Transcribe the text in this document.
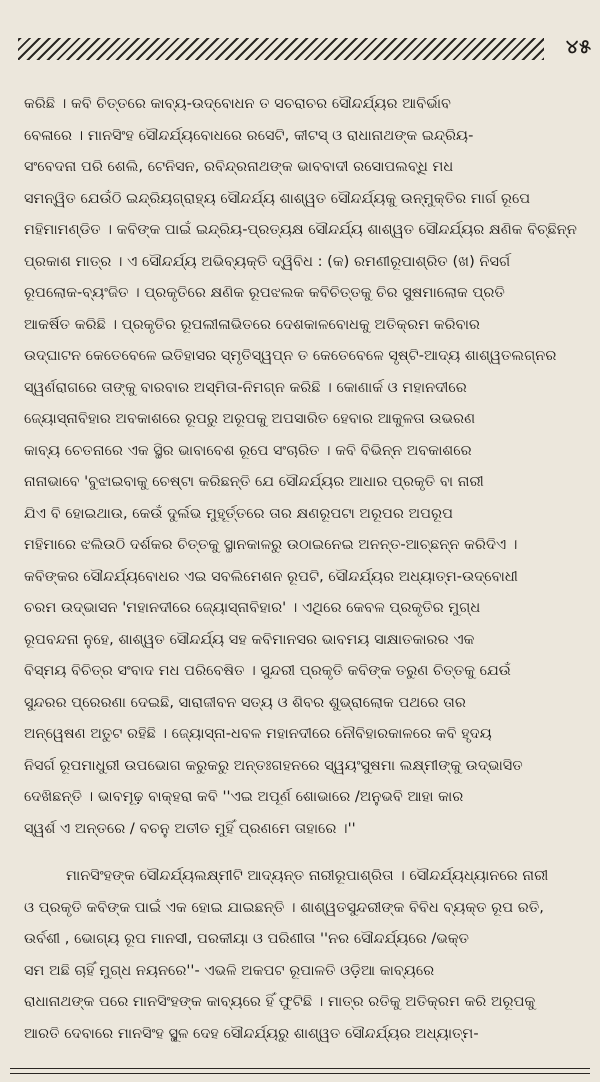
୪୫
କରିଛି । କବି ଚିତ୍ତରେ କାବ୍ୟ-ଉଦ୍‌ବୋଧନ ତ ସଚରାଚର ସୌନ୍ଦର୍ଯ୍ୟର ଆବିର୍ଭାବ
ବେଳାରେ । ମାନସିଂହ ସୌନ୍ଦର୍ଯ୍ୟବୋଧରେ ରସେଟି, କୀଟସ୍ ଓ ରାଧାନାଥଙ୍କ ଇନ୍ଦ୍ରିୟ-
ସଂବେଦନା ପରି ଶେଲି, ଟେନିସନ, ରବିନ୍ଦ୍ରନାଥଙ୍କ ଭାବବାଦୀ ରସୋପଲବ୍‌ଧି ମଧ
ସମନ୍ୱିତ ଯେଉଁଠି ଇନ୍ଦ୍ରିୟଗ୍ରାହ୍ୟ ସୌନ୍ଦର୍ଯ୍ୟ ଶାଶ୍ୱତ ସୌନ୍ଦର୍ଯ୍ୟକୁ ଉନ୍ମୁକ୍ତିର ମାର୍ଗ ରୂପେ
ମହିମାମଣ୍ଡିତ । କବିଙ୍କ ପାଇଁ ଇନ୍ଦ୍ରିୟ-ପ୍ରତ୍ୟକ୍ଷ ସୌନ୍ଦର୍ଯ୍ୟ ଶାଶ୍ୱତ ସୌନ୍ଦର୍ଯ୍ୟର କ୍ଷଣିକ ବିଚ୍ଛିନ୍ନ
ପ୍ରକାଶ ମାତ୍ର । ଏ ସୌନ୍ଦର୍ଯ୍ୟ ଅଭିବ୍ୟକ୍ତି ଦ୍ୱିବିଧ : (କ) ରମଣୀରୂପାଶ୍ରିତ (ଖ) ନିସର୍ଗ
ରୂପଲୋକ-ବ୍ୟଂଜିତ । ପ୍ରକୃତିରେ କ୍ଷଣିକ ରୂପଝଲକ କବିଚିତ୍ତକୁ ଚିର ସୁଷମାଲୋକ ପ୍ରତି
ଆକର୍ଷିତ କରିଛି । ପ୍ରକୃତିର ରୂପଲୀଳାଭିତରେ ଦେଶକାଳବୋଧକୁ ଅତିକ୍ରମ କରିବାର
ଉଦ୍‌ଘାଟନ କେତେବେଳେ ଇତିହାସର ସ୍ମୃତିସ୍ୱପ୍ନ ତ କେତେବେଳେ ସୃଷ୍ଟି-ଆଦ୍ୟ ଶାଶ୍ୱତଲଗ୍ନର
ସ୍ୱର୍ଣରାଗରେ ତାଙ୍କୁ ବାରବାର ଅସ୍ମିତା-ନିମଗ୍ନ କରିଛି । କୋଣାର୍କ ଓ ମହାନଦୀରେ
ଜ୍ୟୋସ୍ନାବିହାର ଅବକାଶରେ ରୂପରୁ ଅରୂପକୁ ଅପସାରିତ ହେବାର ଆକୁଳତା ଉଭରଣ
କାବ୍ୟ ଚେତନାରେ ଏକ ସ୍ଥିର ଭାବାବେଶ ରୂପେ ସଂଚାରିତ । କବି ବିଭିନ୍ନ ଅବକାଶରେ
ନାନାଭାବେ 'ବୁଝାଇବାକୁ ଚେଷ୍ଟା କରିଛନ୍ତି ଯେ ସୌନ୍ଦର୍ଯ୍ୟର ଆଧାର ପ୍ରକୃତି ବା ନାରୀ
ଯିଏ ବି ହୋଇଥାଉ, କେଉଁ ଦୁର୍ଲଭ ମୁହୂର୍ତ୍ତରେ ତାର କ୍ଷଣରୂପଟା ଅରୂପର ଅପରୂପ
ମହିମାରେ ଝଲିଉଠି ଦର୍ଶକର ଚିତ୍ତକୁ ସ୍ଥାନକାଳରୁ ଉଠାଇନେଇ ଅନନ୍ତ-ଆଚ୍ଛନ୍ନ କରିଦିଏ ।
କବିଙ୍କର ସୌନ୍ଦର୍ଯ୍ୟବୋଧର ଏଇ ସବଲିମେଶନ ରୂପଟି, ସୌନ୍ଦର୍ଯ୍ୟର ଅଧ୍ୟାତ୍ମ-ଉଦ୍‌ବୋଧୀ
ଚରମ ଉଦ୍‌ଭାସନ 'ମହାନଦୀରେ ଜ୍ୟୋସ୍ନାବିହାର' । ଏଥିରେ କେବଳ ପ୍ରକୃତିର ମୁଗ୍‌ଧ
ରୂପବନ୍ଦନା ନୁହେ, ଶାଶ୍ୱତ ସୌନ୍ଦର୍ଯ୍ୟ ସହ କବିମାନସର ଭାବମୟ ସାକ୍ଷାତକାରର ଏକ
ବିସ୍ମୟ ବିଚିତ୍ର ସଂବାଦ ମଧ ପରିବେଷିତ । ସୁନ୍ଦରୀ ପ୍ରକୃତି କବିଙ୍କ ତରୁଣ ଚିତ୍ତକୁ ଯେଉଁ
ସୁନ୍ଦରର ପ୍ରେରଣା ଦେଇଛି, ସାରାଜୀବନ ସତ୍ୟ ଓ ଶିବର ଶୁଭ୍ରାଲୋକ ପଥରେ ତାର
ଅନ୍ୱେଷଣ ଅତୁଟ ରହିଛି । ଜ୍ୟୋସ୍ନା-ଧବଳ ମହାନଦୀରେ ନୌବିହାରକାଳରେ କବି ହୃଦୟ
ନିସର୍ଗ ରୂପମାଧୁରୀ ଉପଭୋଗ କରୁକରୁ ଅନ୍ତଃଗହନରେ ସ୍ୱୟଂସୁଷମା ଲକ୍ଷ୍ମୀଙ୍କୁ ଉଦ୍‌ଭାସିତ
ଦେଖିଛନ୍ତି । ଭାବମୂଢ଼ ବାକ୍‌ହରା କବି ''ଏଇ ଅପୂର୍ଣ ଶୋଭାରେ /ଅନୁଭବି ଆହା କାର
ସ୍ୱର୍ଶ ଏ ଅନ୍ତରେ / ବଚନୁ ଅତୀତ ମୁହିଁ ପ୍ରଣମେ ତାହାରେ ।''
ମାନସିଂହଙ୍କ ସୌନ୍ଦର୍ଯ୍ୟଲକ୍ଷ୍ମୀଟି ଆଦ୍ୟନ୍ତ ନାରୀରୂପାଶ୍ରିତା । ସୌନ୍ଦର୍ଯ୍ୟଧ୍ୟାନରେ ନାରୀ
ଓ ପ୍ରକୃତି କବିଙ୍କ ପାଇଁ ଏକ ହୋଇ ଯାଇଛନ୍ତି । ଶାଶ୍ୱତସୁନ୍ଦରୀଙ୍କ ବିବିଧ ବ୍ୟକ୍ତ ରୂପ ରତି,
ଉର୍ବଶୀ , ଭୋଗ୍ୟ ରୂପ ମାନସୀ, ପରକୀୟା ଓ ପରିଣୀତା ''ନର ସୌନ୍ଦର୍ଯ୍ୟରେ /ଭକ୍ତ
ସମ ଅଛି ଚାହିଁ ମୁଗ୍‌ଧ ନୟନରେ''- ଏଭଳି ଅକପଟ ରୂପାଳତି ଓଡ଼ିଆ କାବ୍ୟରେ
ରାଧାନାଥଙ୍କ ପରେ ମାନସିଂହଙ୍କ କାବ୍ୟରେ ହିଁ ଫୁଟିଛି । ମାତ୍ର ରତିକୁ ଅତିକ୍ରମ କରି ଅରୂପକୁ
ଆରତି ଦେବାରେ ମାନସିଂହ ସ୍ଥୂଳ ଦେହ ସୌନ୍ଦର୍ଯ୍ୟରୁ ଶାଶ୍ୱତ ସୌନ୍ଦର୍ଯ୍ୟର ଅଧ୍ୟାତ୍ମ-
